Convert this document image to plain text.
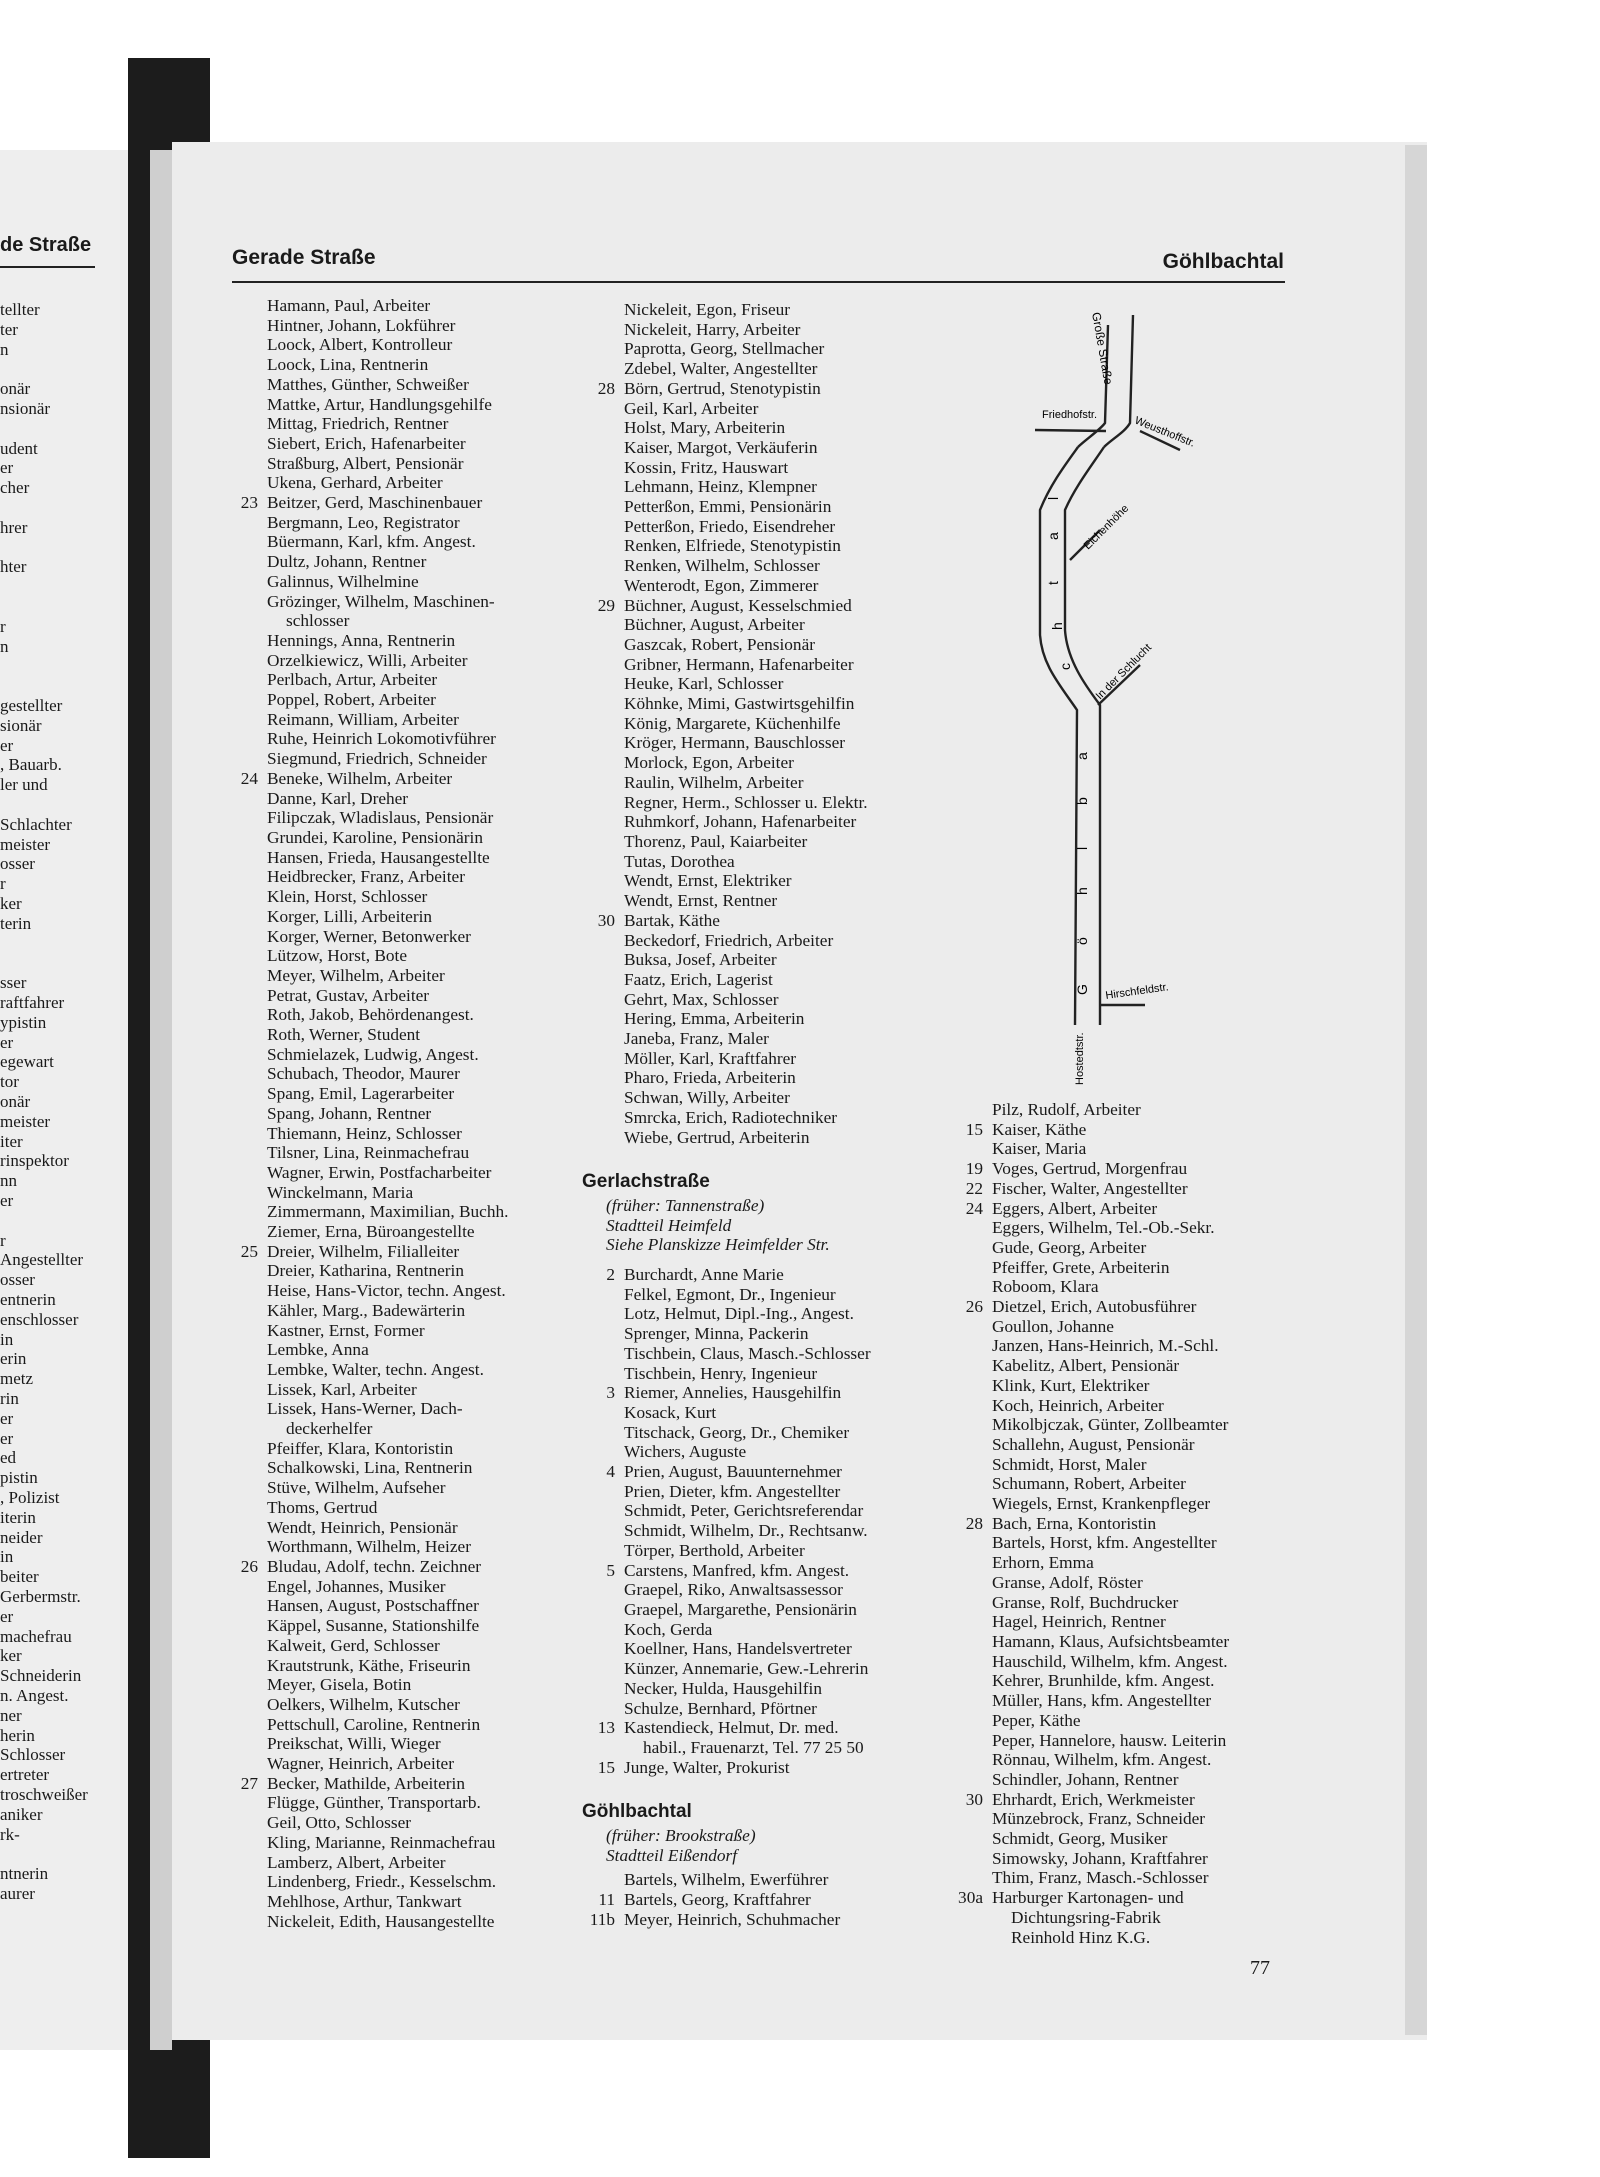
de Straße
tellter
ter
n
onär
nsionär
udent
er
cher
hrer
hter
r
n
gestellter
sionär
er
, Bauarb.
ler und
Schlachter
meister
osser
r
ker
terin
sser
raftfahrer
ypistin
er
egewart
tor
onär
meister
iter
rinspektor
nn
er
r
Angestellter
osser
entnerin
enschlosser
in
erin
metz
rin
er
er
ed
pistin
, Polizist
iterin
neider
in
beiter
Gerbermstr.
er
machefrau
ker
Schneiderin
n. Angest.
ner
herin
Schlosser
ertreter
troschweißer
aniker
rk-
ntnerin
aurer
Gerade Straße	Göhlbachtal
Hamann, Paul, Arbeiter
Hintner, Johann, Lokführer
Loock, Albert, Kontrolleur
Loock, Lina, Rentnerin
Matthes, Günther, Schweißer
Mattke, Artur, Handlungsgehilfe
Mittag, Friedrich, Rentner
Siebert, Erich, Hafenarbeiter
Straßburg, Albert, Pensionär
Ukena, Gerhard, Arbeiter
23 Beitzer, Gerd, Maschinenbauer
Bergmann, Leo, Registrator
Büermann, Karl, kfm. Angest.
Dultz, Johann, Rentner
Galinnus, Wilhelmine
Grözinger, Wilhelm, Maschinen-
schlosser
Hennings, Anna, Rentnerin
Orzelkiewicz, Willi, Arbeiter
Perlbach, Artur, Arbeiter
Poppel, Robert, Arbeiter
Reimann, William, Arbeiter
Ruhe, Heinrich Lokomotivführer
Siegmund, Friedrich, Schneider
24 Beneke, Wilhelm, Arbeiter
Danne, Karl, Dreher
Filipczak, Wladislaus, Pensionär
Grundei, Karoline, Pensionärin
Hansen, Frieda, Hausangestellte
Heidbrecker, Franz, Arbeiter
Klein, Horst, Schlosser
Korger, Lilli, Arbeiterin
Korger, Werner, Betonwerker
Lützow, Horst, Bote
Meyer, Wilhelm, Arbeiter
Petrat, Gustav, Arbeiter
Roth, Jakob, Behördenangest.
Roth, Werner, Student
Schmielazek, Ludwig, Angest.
Schubach, Theodor, Maurer
Spang, Emil, Lagerarbeiter
Spang, Johann, Rentner
Thiemann, Heinz, Schlosser
Tilsner, Lina, Reinmachefrau
Wagner, Erwin, Postfacharbeiter
Winckelmann, Maria
Zimmermann, Maximilian, Buchh.
Ziemer, Erna, Büroangestellte
25 Dreier, Wilhelm, Filialleiter
Dreier, Katharina, Rentnerin
Heise, Hans-Victor, techn. Angest.
Kähler, Marg., Badewärterin
Kastner, Ernst, Former
Lembke, Anna
Lembke, Walter, techn. Angest.
Lissek, Karl, Arbeiter
Lissek, Hans-Werner, Dach-
deckerhelfer
Pfeiffer, Klara, Kontoristin
Schalkowski, Lina, Rentnerin
Stüve, Wilhelm, Aufseher
Thoms, Gertrud
Wendt, Heinrich, Pensionär
Worthmann, Wilhelm, Heizer
26 Bludau, Adolf, techn. Zeichner
Engel, Johannes, Musiker
Hansen, August, Postschaffner
Käppel, Susanne, Stationshilfe
Kalweit, Gerd, Schlosser
Krautstrunk, Käthe, Friseurin
Meyer, Gisela, Botin
Oelkers, Wilhelm, Kutscher
Pettschull, Caroline, Rentnerin
Preikschat, Willi, Wieger
Wagner, Heinrich, Arbeiter
27 Becker, Mathilde, Arbeiterin
Flügge, Günther, Transportarb.
Geil, Otto, Schlosser
Kling, Marianne, Reinmachefrau
Lamberz, Albert, Arbeiter
Lindenberg, Friedr., Kesselschm.
Mehlhose, Arthur, Tankwart
Nickeleit, Edith, Hausangestellte
Nickeleit, Egon, Friseur
Nickeleit, Harry, Arbeiter
Paprotta, Georg, Stellmacher
Zdebel, Walter, Angestellter
28 Börn, Gertrud, Stenotypistin
Geil, Karl, Arbeiter
Holst, Mary, Arbeiterin
Kaiser, Margot, Verkäuferin
Kossin, Fritz, Hauswart
Lehmann, Heinz, Klempner
Petterßon, Emmi, Pensionärin
Petterßon, Friedo, Eisendreher
Renken, Elfriede, Stenotypistin
Renken, Wilhelm, Schlosser
Wenterodt, Egon, Zimmerer
29 Büchner, August, Kesselschmied
Büchner, August, Arbeiter
Gaszcak, Robert, Pensionär
Gribner, Hermann, Hafenarbeiter
Heuke, Karl, Schlosser
Köhnke, Mimi, Gastwirtsgehilfin
König, Margarete, Küchenhilfe
Kröger, Hermann, Bauschlosser
Morlock, Egon, Arbeiter
Raulin, Wilhelm, Arbeiter
Regner, Herm., Schlosser u. Elektr.
Ruhmkorf, Johann, Hafenarbeiter
Thorenz, Paul, Kaiarbeiter
Tutas, Dorothea
Wendt, Ernst, Elektriker
Wendt, Ernst, Rentner
30 Bartak, Käthe
Beckedorf, Friedrich, Arbeiter
Buksa, Josef, Arbeiter
Faatz, Erich, Lagerist
Gehrt, Max, Schlosser
Hering, Emma, Arbeiterin
Janeba, Franz, Maler
Möller, Karl, Kraftfahrer
Pharo, Frieda, Arbeiterin
Schwan, Willy, Arbeiter
Smrcka, Erich, Radiotechniker
Wiebe, Gertrud, Arbeiterin
Gerlachstraße
(früher: Tannenstraße)
Stadtteil Heimfeld
Siehe Planskizze Heimfelder Str.
2 Burchardt, Anne Marie
Felkel, Egmont, Dr., Ingenieur
Lotz, Helmut, Dipl.-Ing., Angest.
Sprenger, Minna, Packerin
Tischbein, Claus, Masch.-Schlosser
Tischbein, Henry, Ingenieur
3 Riemer, Annelies, Hausgehilfin
Kosack, Kurt
Titschack, Georg, Dr., Chemiker
Wichers, Auguste
4 Prien, August, Bauunternehmer
Prien, Dieter, kfm. Angestellter
Schmidt, Peter, Gerichtsreferendar
Schmidt, Wilhelm, Dr., Rechtsanw.
Törper, Berthold, Arbeiter
5 Carstens, Manfred, kfm. Angest.
Graepel, Riko, Anwaltsassessor
Graepel, Margarethe, Pensionärin
Koch, Gerda
Koellner, Hans, Handelsvertreter
Künzer, Annemarie, Gew.-Lehrerin
Necker, Hulda, Hausgehilfin
Schulze, Bernhard, Pförtner
13 Kastendieck, Helmut, Dr. med.
habil., Frauenarzt, Tel. 77 25 50
15 Junge, Walter, Prokurist
Göhlbachtal
(früher: Brookstraße)
Stadtteil Eißendorf
Bartels, Wilhelm, Ewerführer
11 Bartels, Georg, Kraftfahrer
11b Meyer, Heinrich, Schuhmacher
Pilz, Rudolf, Arbeiter
15 Kaiser, Käthe
Kaiser, Maria
19 Voges, Gertrud, Morgenfrau
22 Fischer, Walter, Angestellter
24 Eggers, Albert, Arbeiter
Eggers, Wilhelm, Tel.-Ob.-Sekr.
Gude, Georg, Arbeiter
Pfeiffer, Grete, Arbeiterin
Roboom, Klara
26 Dietzel, Erich, Autobusführer
Goullon, Johanne
Janzen, Hans-Heinrich, M.-Schl.
Kabelitz, Albert, Pensionär
Klink, Kurt, Elektriker
Koch, Heinrich, Arbeiter
Mikolbjczak, Günter, Zollbeamter
Schallehn, August, Pensionär
Schmidt, Horst, Maler
Schumann, Robert, Arbeiter
Wiegels, Ernst, Krankenpfleger
28 Bach, Erna, Kontoristin
Bartels, Horst, kfm. Angestellter
Erhorn, Emma
Granse, Adolf, Röster
Granse, Rolf, Buchdrucker
Hagel, Heinrich, Rentner
Hamann, Klaus, Aufsichtsbeamter
Hauschild, Wilhelm, kfm. Angest.
Kehrer, Brunhilde, kfm. Angest.
Müller, Hans, kfm. Angestellter
Peper, Käthe
Peper, Hannelore, hausw. Leiterin
Rönnau, Wilhelm, kfm. Angest.
Schindler, Johann, Rentner
30 Ehrhardt, Erich, Werkmeister
Münzebrock, Franz, Schneider
Schmidt, Georg, Musiker
Simowsky, Johann, Kraftfahrer
Thim, Franz, Masch.-Schlosser
30a Harburger Kartonagen- und
Dichtungsring-Fabrik
Reinhold Hinz K.G.
Große Straße
Friedhofstr.	Weusthoffstr.
Eichenhöhe
In der Schlucht
Hirschfeldstr.
Hostedtstr.
G
ö
h
l
b
a
c
h
t
a
l
77
